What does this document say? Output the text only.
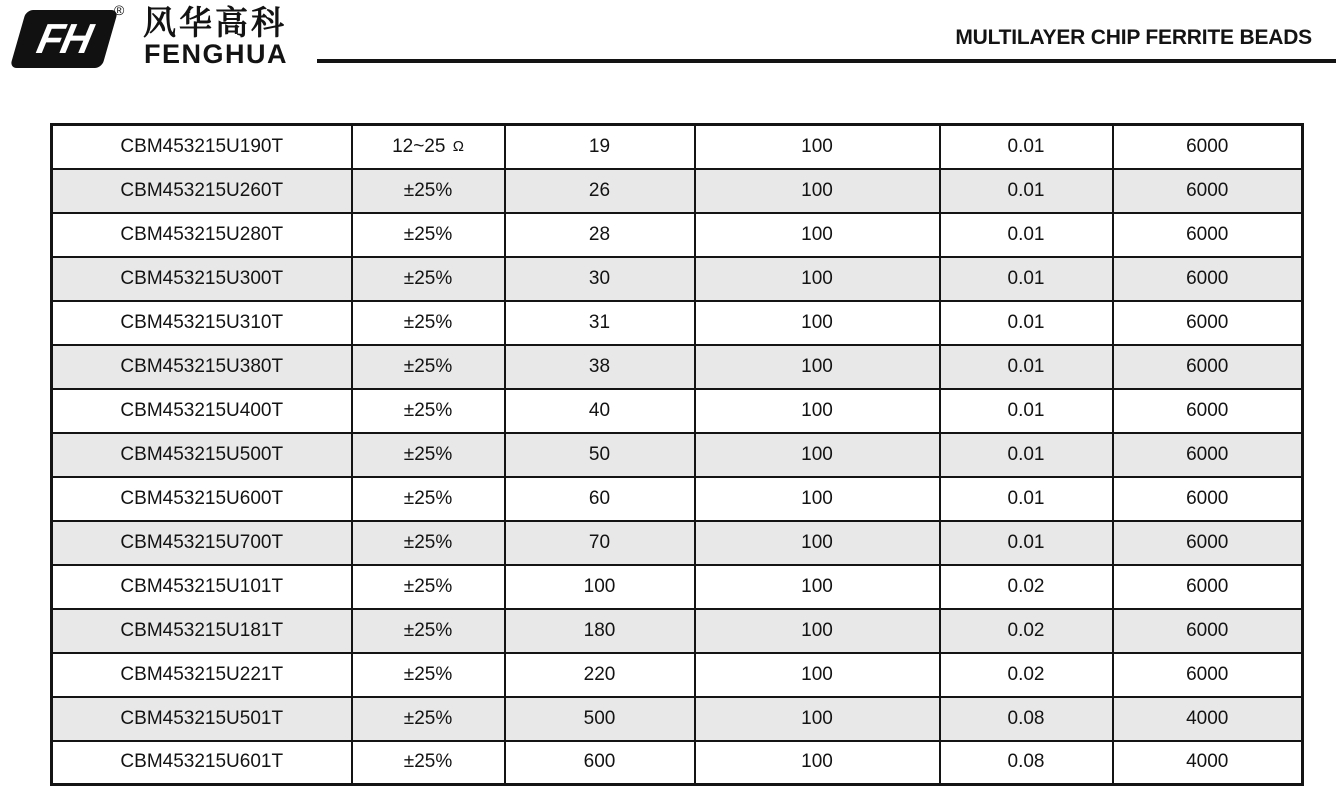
FH
® 风华高科
FENGHUA
MULTILAYER CHIP FERRITE BEADS
CBM453215U190T	12~25 Ω	19	100	0.01	6000
CBM453215U260T	±25%	26	100	0.01	6000
CBM453215U280T	±25%	28	100	0.01	6000
CBM453215U300T	±25%	30	100	0.01	6000
CBM453215U310T	±25%	31	100	0.01	6000
CBM453215U380T	±25%	38	100	0.01	6000
CBM453215U400T	±25%	40	100	0.01	6000
CBM453215U500T	±25%	50	100	0.01	6000
CBM453215U600T	±25%	60	100	0.01	6000
CBM453215U700T	±25%	70	100	0.01	6000
CBM453215U101T	±25%	100	100	0.02	6000
CBM453215U181T	±25%	180	100	0.02	6000
CBM453215U221T	±25%	220	100	0.02	6000
CBM453215U501T	±25%	500	100	0.08	4000
CBM453215U601T	±25%	600	100	0.08	4000
